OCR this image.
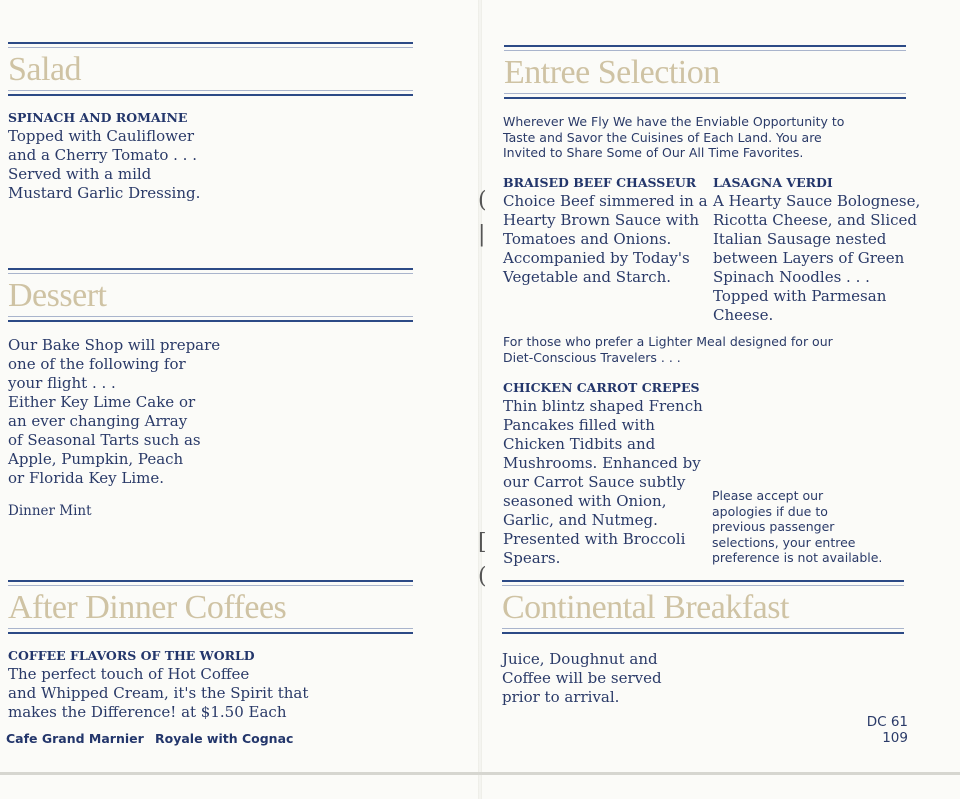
Salad
SPINACH AND ROMAINE
Topped with Cauliflower
and a Cherry Tomato . . .
Served with a mild
Mustard Garlic Dressing.
Dessert
Our Bake Shop will prepare
one of the following for
your flight . . .
Either Key Lime Cake or
an ever changing Array
of Seasonal Tarts such as
Apple, Pumpkin, Peach
or Florida Key Lime.
Dinner Mint
After Dinner Coffees
COFFEE FLAVORS OF THE WORLD
The perfect touch of Hot Coffee
and Whipped Cream, it's the Spirit that
makes the Difference! at $1.50 Each
Cafe Grand Marnier Royale with Cognac
Entree Selection
Wherever We Fly We have the Enviable Opportunity to
Taste and Savor the Cuisines of Each Land. You are
Invited to Share Some of Our All Time Favorites.
BRAISED BEEF CHASSEUR
Choice Beef simmered in a
Hearty Brown Sauce with
Tomatoes and Onions.
Accompanied by Today's
Vegetable and Starch.
LASAGNA VERDI
A Hearty Sauce Bolognese,
Ricotta Cheese, and Sliced
Italian Sausage nested
between Layers of Green
Spinach Noodles . . .
Topped with Parmesan
Cheese.
For those who prefer a Lighter Meal designed for our
Diet-Conscious Travelers . . .
CHICKEN CARROT CREPES
Thin blintz shaped French
Pancakes filled with
Chicken Tidbits and
Mushrooms. Enhanced by
our Carrot Sauce subtly
seasoned with Onion,
Garlic, and Nutmeg.
Presented with Broccoli
Spears.
Please accept our
apologies if due to
previous passenger
selections, your entree
preference is not available.
Continental Breakfast
Juice, Doughnut and
Coffee will be served
prior to arrival.
DC 61
109
(
|
[
(
